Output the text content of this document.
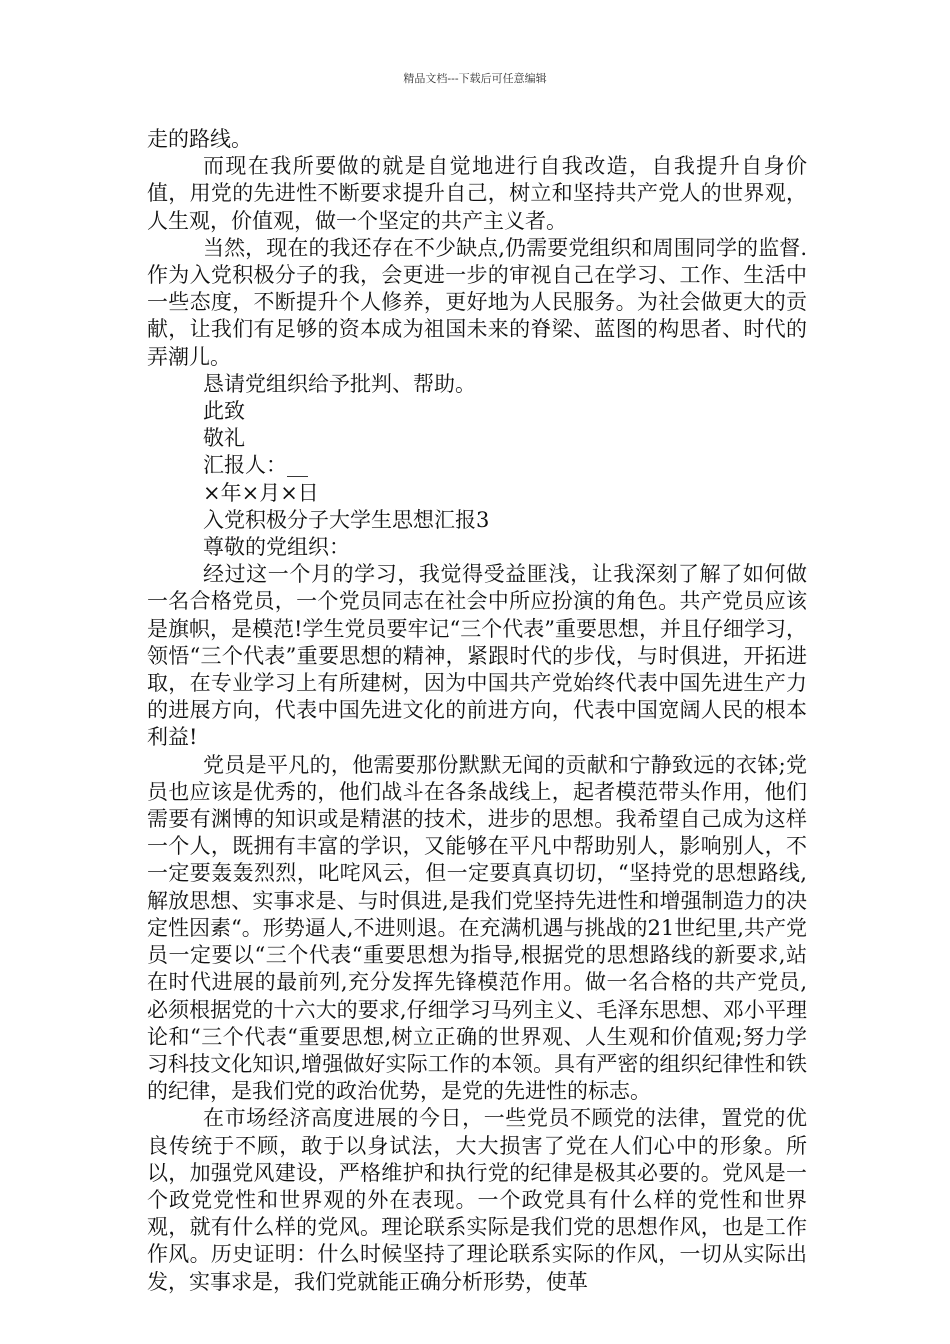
精品文档---下载后可任意编辑

走的路线。

而现在我所要做的就是自觉地进行自我改造，自我提升自身价值，用党的先进性不断要求提升自己，树立和坚持共产党人的世界观，人生观，价值观，做一个坚定的共产主义者。

当然，现在的我还存在不少缺点,仍需要党组织和周围同学的监督.作为入党积极分子的我，会更进一步的审视自己在学习、工作、生活中一些态度，不断提升个人修养，更好地为人民服务。为社会做更大的贡献，让我们有足够的资本成为祖国未来的脊梁、蓝图的构思者、时代的弄潮儿。

恳请党组织给予批判、帮助。

此致

敬礼

汇报人：__

×年×月×日

入党积极分子大学生思想汇报3

尊敬的党组织：

经过这一个月的学习，我觉得受益匪浅，让我深刻了解了如何做一名合格党员，一个党员同志在社会中所应扮演的角色。共产党员应该是旗帜，是模范!学生党员要牢记“三个代表”重要思想，并且仔细学习，领悟“三个代表”重要思想的精神，紧跟时代的步伐，与时俱进，开拓进取，在专业学习上有所建树，因为中国共产党始终代表中国先进生产力的进展方向，代表中国先进文化的前进方向，代表中国宽阔人民的根本利益!

党员是平凡的，他需要那份默默无闻的贡献和宁静致远的衣钵;党员也应该是优秀的，他们战斗在各条战线上，起者模范带头作用，他们需要有渊博的知识或是精湛的技术，进步的思想。我希望自己成为这样一个人，既拥有丰富的学识，又能够在平凡中帮助别人，影响别人，不一定要轰轰烈烈，叱咤风云，但一定要真真切切，“坚持党的思想路线,解放思想、实事求是、与时俱进,是我们党坚持先进性和增强制造力的决定性因素“。形势逼人,不进则退。在充满机遇与挑战的21世纪里,共产党员一定要以“三个代表“重要思想为指导,根据党的思想路线的新要求,站在时代进展的最前列,充分发挥先锋模范作用。做一名合格的共产党员,必须根据党的十六大的要求,仔细学习马列主义、毛泽东思想、邓小平理论和“三个代表“重要思想,树立正确的世界观、人生观和价值观;努力学习科技文化知识,增强做好实际工作的本领。具有严密的组织纪律性和铁的纪律，是我们党的政治优势，是党的先进性的标志。

在市场经济高度进展的今日，一些党员不顾党的法律，置党的优良传统于不顾，敢于以身试法，大大损害了党在人们心中的形象。所以，加强党风建设，严格维护和执行党的纪律是极其必要的。党风是一个政党党性和世界观的外在表现。一个政党具有什么样的党性和世界观，就有什么样的党风。理论联系实际是我们党的思想作风，也是工作作风。历史证明：什么时候坚持了理论联系实际的作风，一切从实际出发，实事求是，我们党就能正确分析形势，使革
